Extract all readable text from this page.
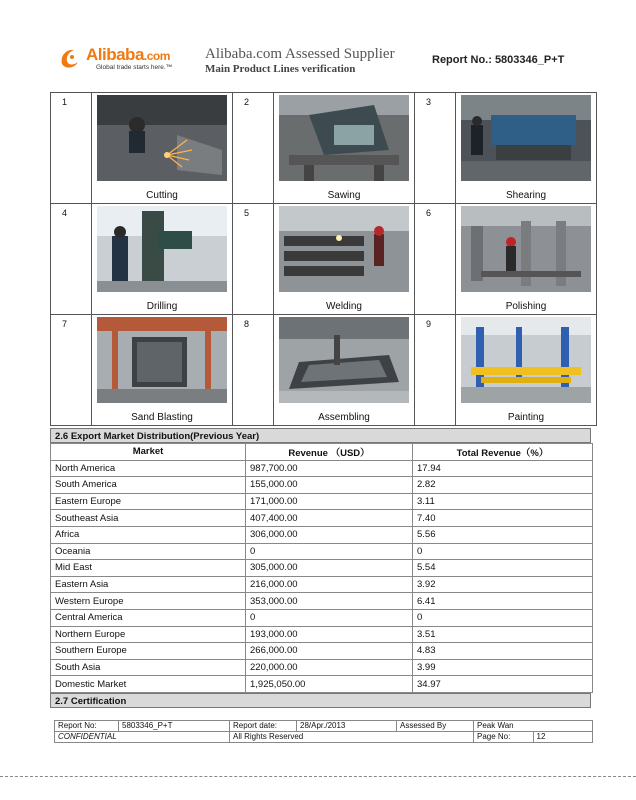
Alibaba.com
Global trade starts here.™
Alibaba.com Assessed Supplier
Main Product Lines verification
Report No.: 5803346_P+T
1	Cutting	2	Sawing	3	Shearing

4	Drilling	5	Welding	6	Polishing

7	Sand Blasting	8	Assembling	9	Painting
2.6 Export Market Distribution(Previous Year)
Market	Revenue （USD）	Total Revenue（%）
North America	987,700.00	17.94
South America	155,000.00	2.82
Eastern Europe	171,000.00	3.11
Southeast Asia	407,400.00	7.40
Africa	306,000.00	5.56
Oceania	0	0
Mid East	305,000.00	5.54
Eastern Asia	216,000.00	3.92
Western Europe	353,000.00	6.41
Central America	0	0
Northern Europe	193,000.00	3.51
Southern Europe	266,000.00	4.83
South Asia	220,000.00	3.99
Domestic Market	1,925,050.00	34.97
2.7 Certification
Report No:	5803346_P+T	Report date:	28/Apr./2013	Assessed By	Peak Wan	
CONFIDENTIAL		All Rights Reserved			Page No:	12
